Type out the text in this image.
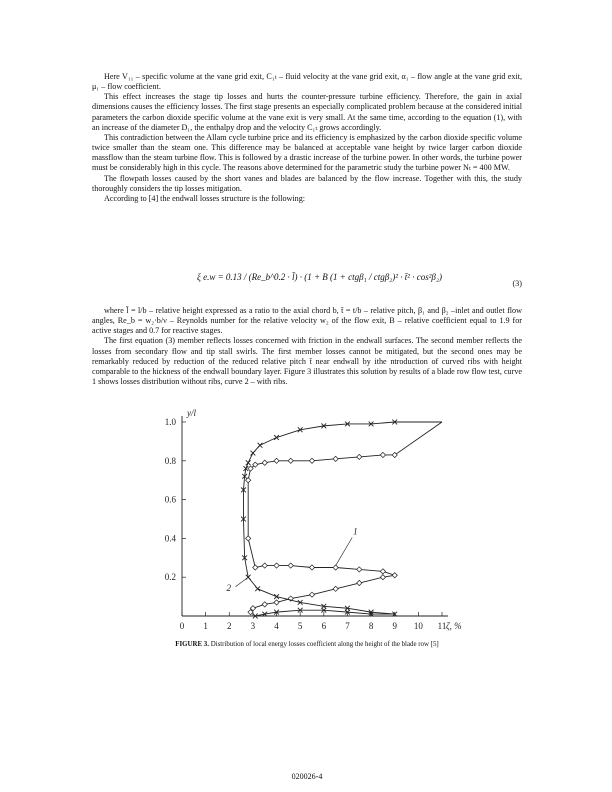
Here V₁₁ – specific volume at the vane grid exit, C₁ₜ – fluid velocity at the vane grid exit, α₁ – flow angle at the vane grid exit, μ₁ – flow coefficient.

This effect increases the stage tip losses and hurts the counter-pressure turbine efficiency. Therefore, the gain in axial dimensions causes the efficiency losses. The first stage presents an especially complicated problem because at the considered initial parameters the carbon dioxide specific volume at the vane exit is very small. At the same time, according to the equation (1), with an increase of the diameter D₁, the enthalpy drop and the velocity C₁ₜ grows accordingly.

This contradiction between the Allam cycle turbine price and its efficiency is emphasized by the carbon dioxide specific volume twice smaller than the steam one. This difference may be balanced at acceptable vane height by twice larger carbon dioxide massflow than the steam turbine flow. This is followed by a drastic increase of the turbine power. In other words, the turbine power must be considerably high in this cycle. The reasons above determined for the parametric study the turbine power Nₜ = 400 MW.

The flowpath losses caused by the short vanes and blades are balanced by the flow increase. Together with this, the study thoroughly considers the tip losses mitigation.

According to [4] the endwall losses structure is the following:

ξ e.w = 0.13 / (Re_b^0.2 · l̄) · (1 + B (1 + ctgβ₁ / ctgβ₂)² · t̄² · cos²β₂)
(3)

where l̄ = l/b – relative height expressed as a ratio to the axial chord b, t̄ = t/b – relative pitch, β₁ and β₂ –inlet and outlet flow angles, Re_b = w₂·b/ν – Reynolds number for the relative velocity w₂ of the flow exit, B – relative coefficient equal to 1.9 for active stages and 0.7 for reactive stages.

The first equation (3) member reflects losses concerned with friction in the endwall surfaces. The second member reflects the losses from secondary flow and tip stall swirls. The first member losses cannot be mitigated, but the second ones may be remarkably reduced by reduction of the reduced relative pitch t̄ near endwall by ithe ntroduction of curved ribs with height comparable to the hickness of the endwall boundary layer. Figure 3 illustrates this solution by results of a blade row flow test, curve 1 shows losses distribution without ribs, curve 2 – with ribs.

0 1 2 3 4 5 6 7 8 9 10 11
0.2
0.4
0.6
0.8
1.0
y/l
ζ, %
1
2
FIGURE 3. Distribution of local energy losses coefficient along the height of the blade row [5]
020026-4
